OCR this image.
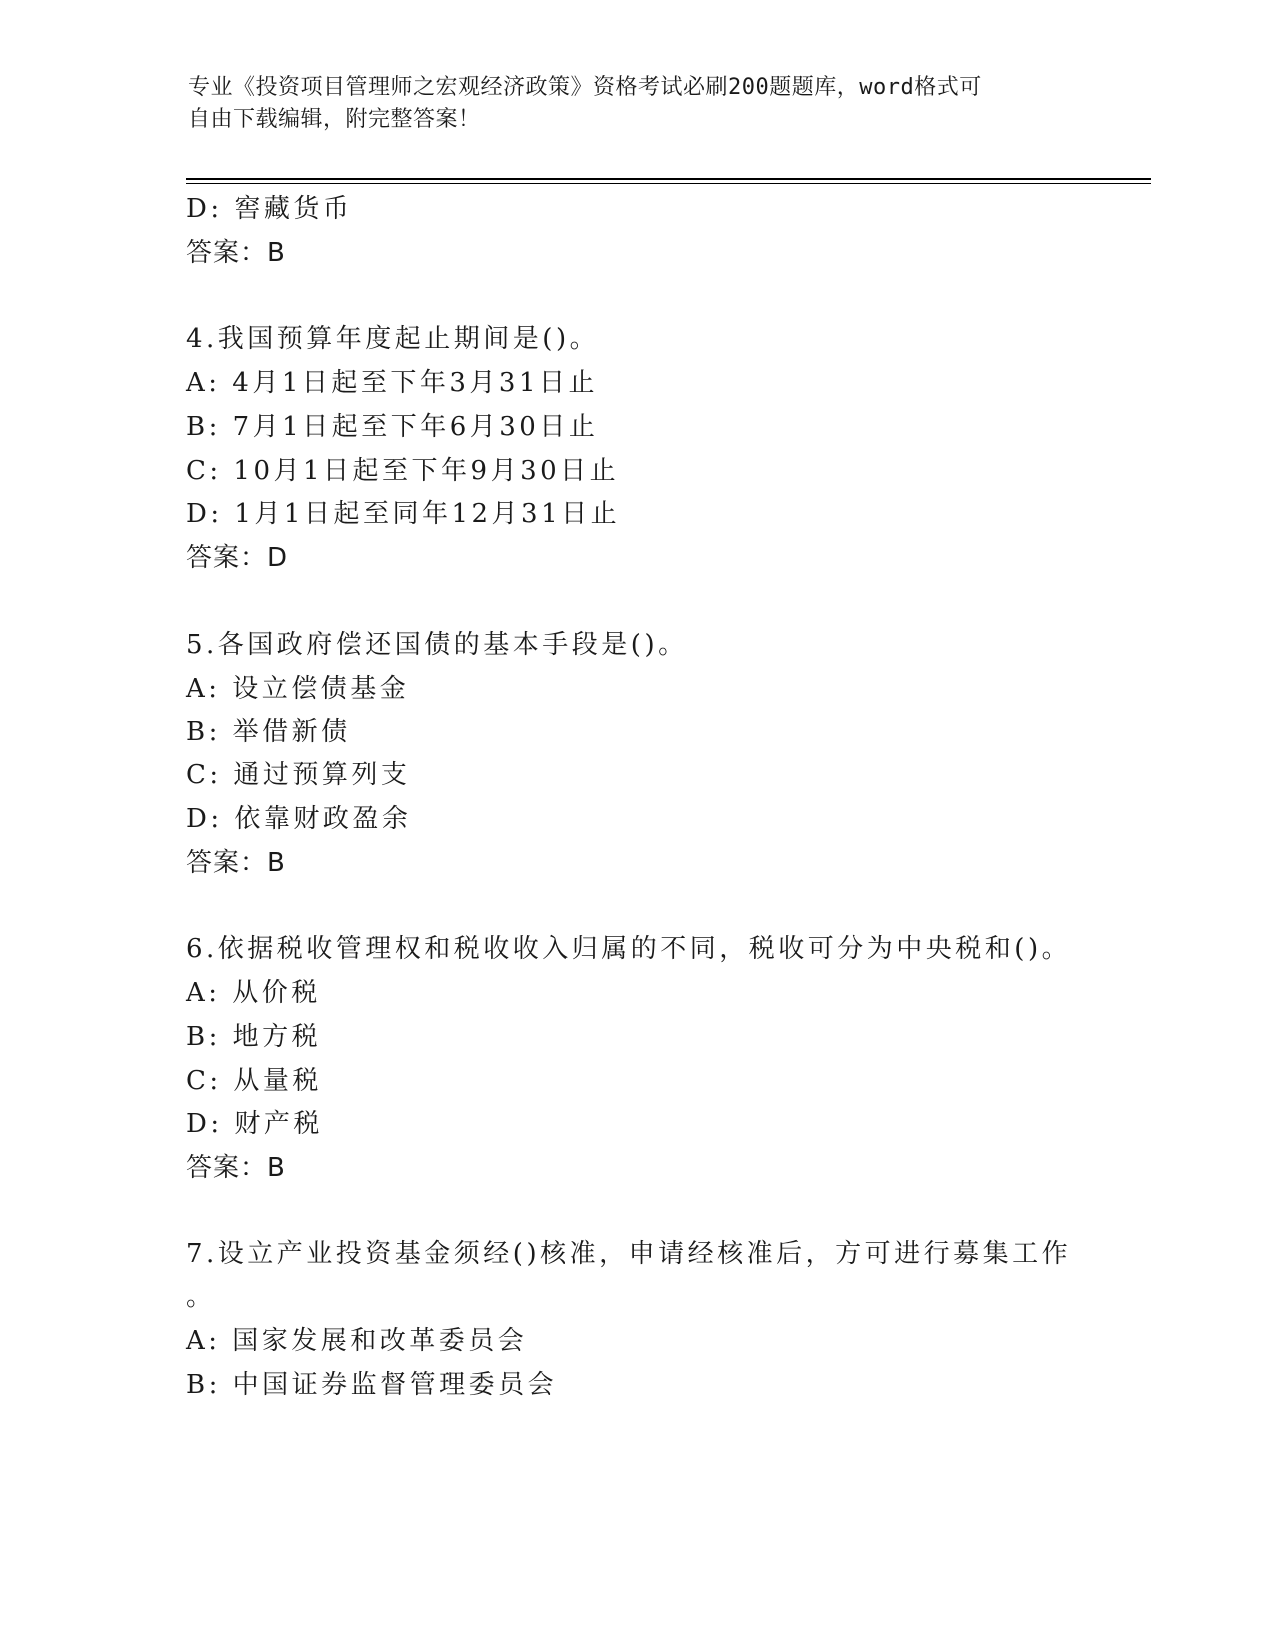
专业《投资项目管理师之宏观经济政策》资格考试必刷200题题库，word格式可
自由下载编辑，附完整答案！
D: 窖藏货币
答案：B
4.我国预算年度起止期间是()。
A: 4月1日起至下年3月31日止
B: 7月1日起至下年6月30日止
C: 10月1日起至下年9月30日止
D: 1月1日起至同年12月31日止
答案：D
5.各国政府偿还国债的基本手段是()。
A: 设立偿债基金
B: 举借新债
C: 通过预算列支
D: 依靠财政盈余
答案：B
6.依据税收管理权和税收收入归属的不同，税收可分为中央税和()。
A: 从价税
B: 地方税
C: 从量税
D: 财产税
答案：B
7.设立产业投资基金须经()核准，申请经核准后，方可进行募集工作
。
A: 国家发展和改革委员会
B: 中国证券监督管理委员会
